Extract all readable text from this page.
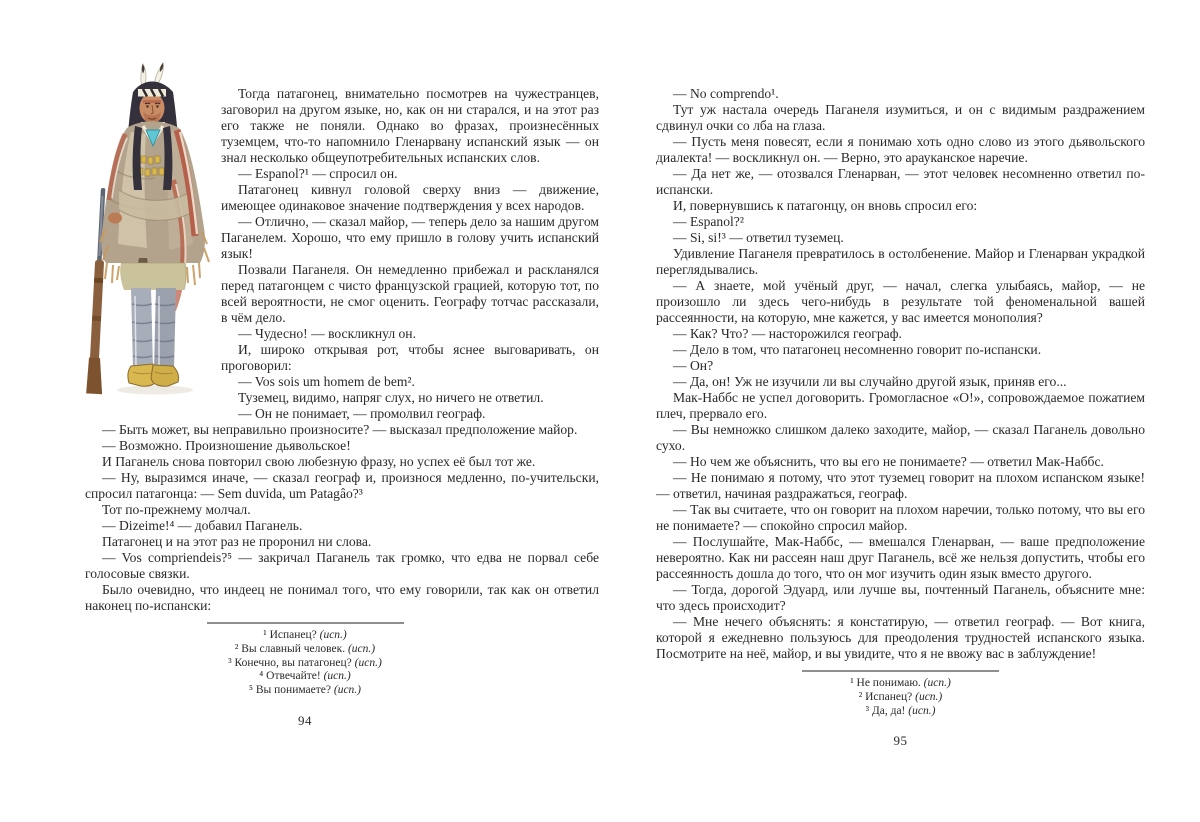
Тогда патагонец, внимательно посмотрев на чужестранцев, заговорил на другом языке, но, как он ни старался, и на этот раз его также не поняли. Однако во фразах, произнесённых туземцем, что-то напомнило Гленарвану испанский язык — он знал несколько общеупотребительных испанских слов.

— Espanol?¹ — спросил он.

Патагонец кивнул головой сверху вниз — движение, имеющее одинаковое значение подтверждения у всех народов.

— Отлично, — сказал майор, — теперь дело за нашим другом Паганелем. Хорошо, что ему пришло в голову учить испанский язык!

Позвали Паганеля. Он немедленно прибежал и раскланялся перед патагонцем с чисто французской грацией, которую тот, по всей вероятности, не смог оценить. Географу тотчас рассказали, в чём дело.

— Чудесно! — воскликнул он.

И, широко открывая рот, чтобы яснее выговаривать, он проговорил:

— Vos sois um homem de bem².

Туземец, видимо, напряг слух, но ничего не ответил.

— Он не понимает, — промолвил географ.

— Быть может, вы неправильно произносите? — высказал предположение майор.

— Возможно. Произношение дьявольское!

И Паганель снова повторил свою любезную фразу, но успех её был тот же.

— Ну, выразимся иначе, — сказал географ и, произнося медленно, по-учительски, спросил патагонца: — Sem duvida, um Patagâo?³

Тот по-прежнему молчал.

— Dizeime!⁴ — добавил Паганель.

Патагонец и на этот раз не проронил ни слова.

— Vos compriendeis?⁵ — закричал Паганель так громко, что едва не порвал себе голосовые связки.

Было очевидно, что индеец не понимал того, что ему говорили, так как он ответил наконец по-испански:

¹ Испанец? (исп.)
² Вы славный человек. (исп.)
³ Конечно, вы патагонец? (исп.)
⁴ Отвечайте! (исп.)
⁵ Вы понимаете? (исп.)
94

— No comprendo¹.

Тут уж настала очередь Паганеля изумиться, и он с видимым раздражением сдвинул очки со лба на глаза.

— Пусть меня повесят, если я понимаю хоть одно слово из этого дьявольского диалекта! — воскликнул он. — Верно, это арауканское наречие.

— Да нет же, — отозвался Гленарван, — этот человек несомненно ответил по-испански.

И, повернувшись к патагонцу, он вновь спросил его:

— Espanol?²

— Si, si!³ — ответил туземец.

Удивление Паганеля превратилось в остолбенение. Майор и Гленарван украдкой переглядывались.

— А знаете, мой учёный друг, — начал, слегка улыбаясь, майор, — не произошло ли здесь чего-нибудь в результате той феноменальной вашей рассеянности, на которую, мне кажется, у вас имеется монополия?

— Как? Что? — насторожился географ.

— Дело в том, что патагонец несомненно говорит по-испански.

— Он?

— Да, он! Уж не изучили ли вы случайно другой язык, приняв его...

Мак-Наббс не успел договорить. Громогласное «О!», сопровождаемое пожатием плеч, прервало его.

— Вы немножко слишком далеко заходите, майор, — сказал Паганель довольно сухо.

— Но чем же объяснить, что вы его не понимаете? — ответил Мак-Наббс.

— Не понимаю я потому, что этот туземец говорит на плохом испанском языке! — ответил, начиная раздражаться, географ.

— Так вы считаете, что он говорит на плохом наречии, только потому, что вы его не понимаете? — спокойно спросил майор.

— Послушайте, Мак-Наббс, — вмешался Гленарван, — ваше предположение невероятно. Как ни рассеян наш друг Паганель, всё же нельзя допустить, чтобы его рассеянность дошла до того, что он мог изучить один язык вместо другого.

— Тогда, дорогой Эдуард, или лучше вы, почтенный Паганель, объясните мне: что здесь происходит?

— Мне нечего объяснять: я констатирую, — ответил географ. — Вот книга, которой я ежедневно пользуюсь для преодоления трудностей испанского языка. Посмотрите на неё, майор, и вы увидите, что я не ввожу вас в заблуждение!

¹ Не понимаю. (исп.)
² Испанец? (исп.)
³ Да, да! (исп.)
95
